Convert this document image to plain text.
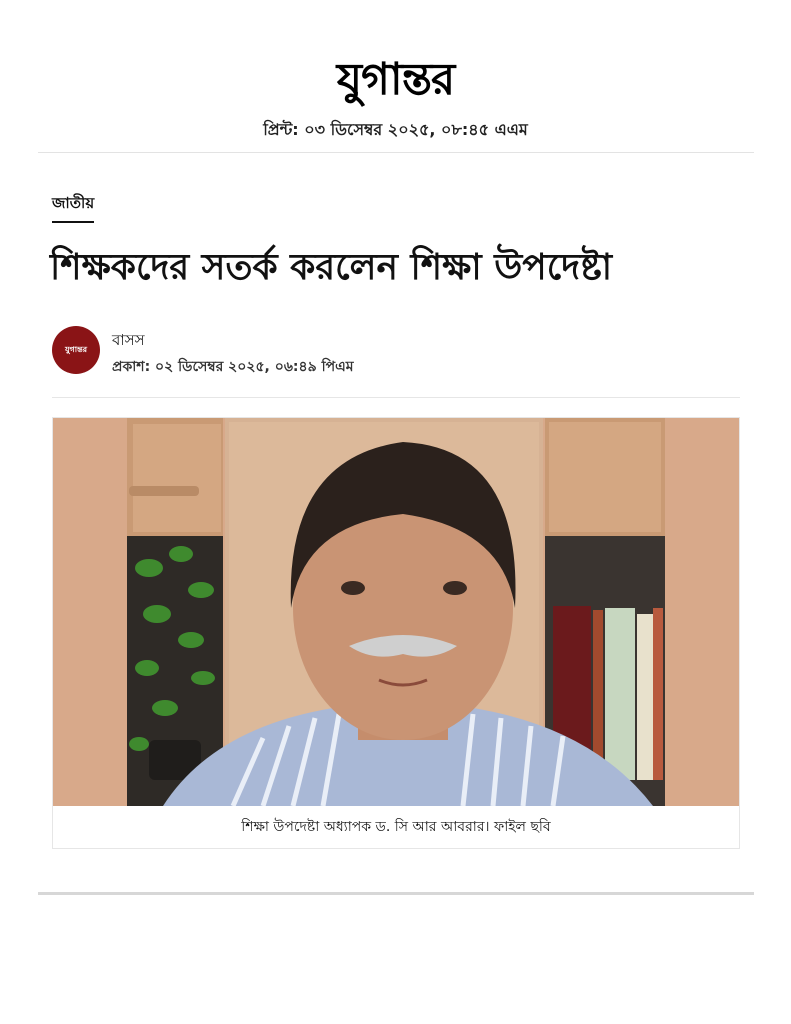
যুগান্তর
প্রিন্ট: ০৩ ডিসেম্বর ২০২৫, ০৮:৪৫ এএম
জাতীয়
শিক্ষকদের সতর্ক করলেন শিক্ষা উপদেষ্টা
যুগান্তর বাসস
প্রকাশ: ০২ ডিসেম্বর ২০২৫, ০৬:৪৯ পিএম
শিক্ষা উপদেষ্টা অধ্যাপক ড. সি আর আবরার। ফাইল ছবি
